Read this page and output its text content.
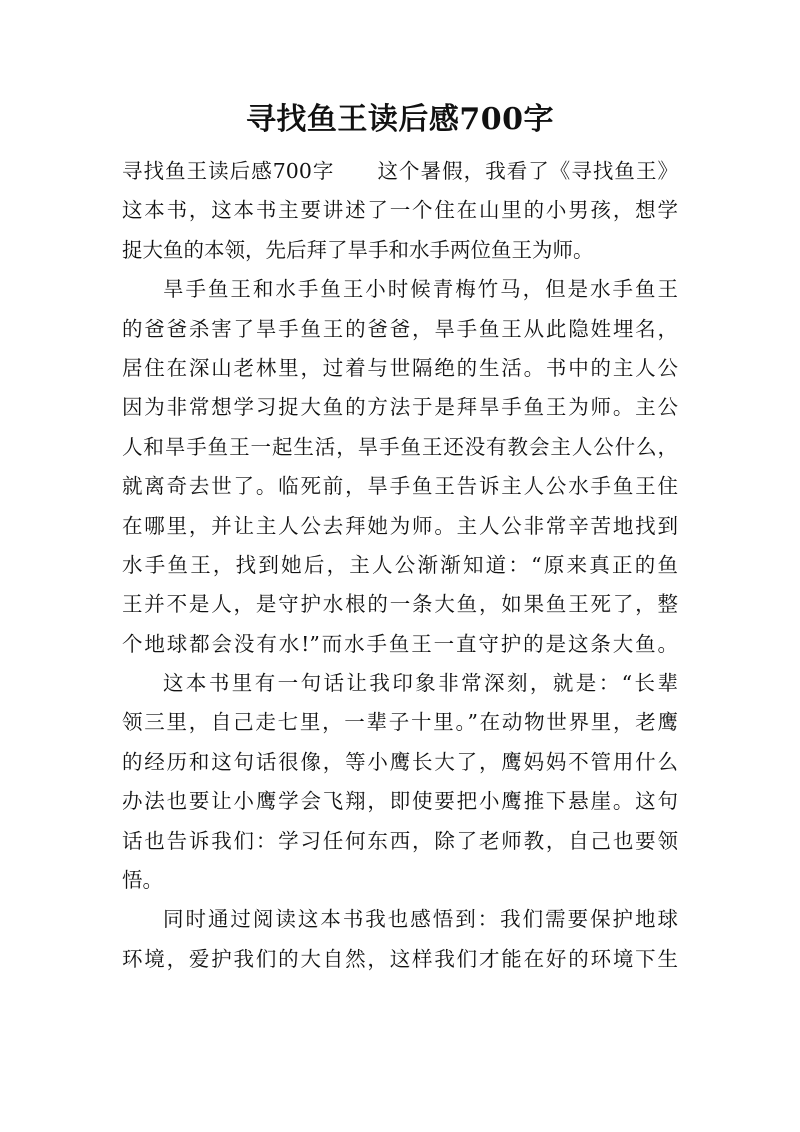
寻找鱼王读后感700字
寻找鱼王读后感700字　　这个暑假，我看了《寻找鱼王》
这本书，这本书主要讲述了一个住在山里的小男孩，想学
捉大鱼的本领，先后拜了旱手和水手两位鱼王为师。
旱手鱼王和水手鱼王小时候青梅竹马，但是水手鱼王
的爸爸杀害了旱手鱼王的爸爸，旱手鱼王从此隐姓埋名，
居住在深山老林里，过着与世隔绝的生活。书中的主人公
因为非常想学习捉大鱼的方法于是拜旱手鱼王为师。主公
人和旱手鱼王一起生活，旱手鱼王还没有教会主人公什么，
就离奇去世了。临死前，旱手鱼王告诉主人公水手鱼王住
在哪里，并让主人公去拜她为师。主人公非常辛苦地找到
水手鱼王，找到她后，主人公渐渐知道：“原来真正的鱼
王并不是人，是守护水根的一条大鱼，如果鱼王死了，整
个地球都会没有水!”而水手鱼王一直守护的是这条大鱼。
这本书里有一句话让我印象非常深刻，就是：“长辈
领三里，自己走七里，一辈子十里。”在动物世界里，老鹰
的经历和这句话很像，等小鹰长大了，鹰妈妈不管用什么
办法也要让小鹰学会飞翔，即使要把小鹰推下悬崖。这句
话也告诉我们：学习任何东西，除了老师教，自己也要领
悟。
同时通过阅读这本书我也感悟到：我们需要保护地球
环境，爱护我们的大自然，这样我们才能在好的环境下生
